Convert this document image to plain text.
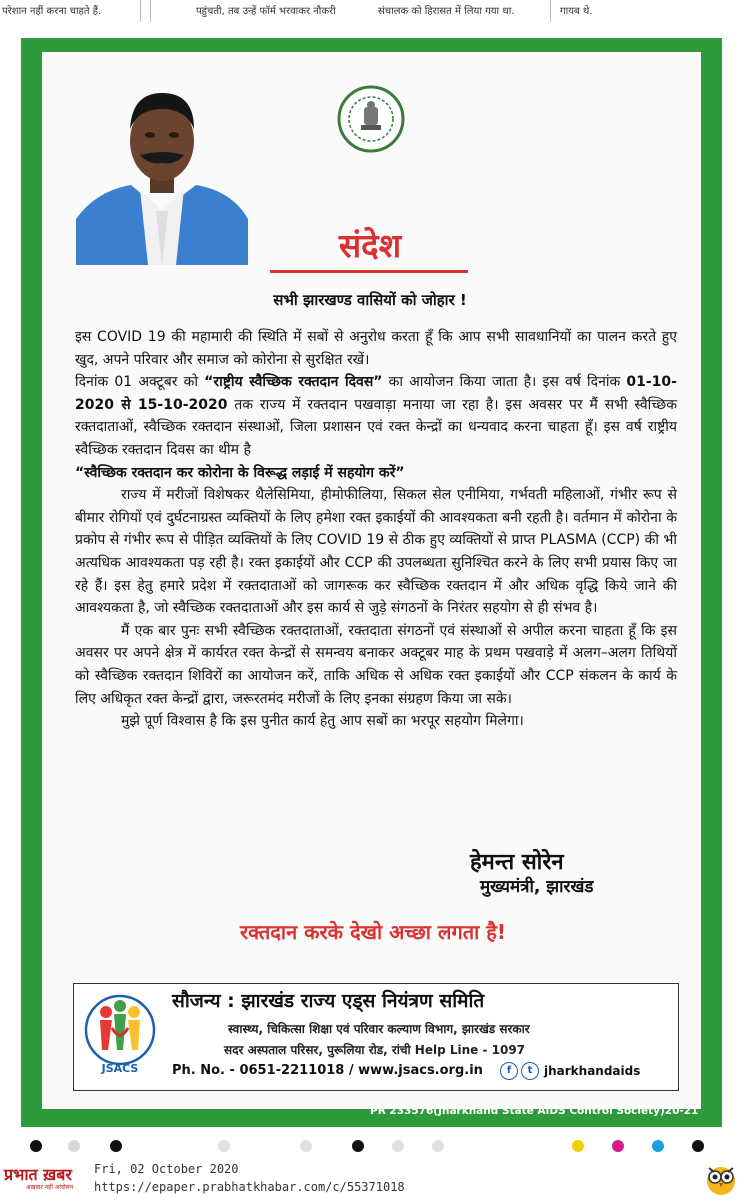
परेशान नहीं करना चाहते हैं.	पहुंचती, तब उन्हें फॉर्म भरवाकर नौकरी	संचालक को हिरासत में लिया गया था.	गायब थे.
संदेश
सभी झारखण्ड वासियों को जोहार !

इस COVID 19 की महामारी की स्थिति में सबों से अनुरोध करता हूँ कि आप सभी सावधानियों का पालन करते हुए खुद, अपने परिवार और समाज को कोरोना से सुरक्षित रखें।

दिनांक 01 अक्टूबर को “राष्ट्रीय स्वैच्छिक रक्तदान दिवस” का आयोजन किया जाता है। इस वर्ष दिनांक 01-10-2020 से 15-10-2020 तक राज्य में रक्तदान पखवाड़ा मनाया जा रहा है। इस अवसर पर मैं सभी स्वैच्छिक रक्तदाताओं, स्वैच्छिक रक्तदान संस्थाओं, जिला प्रशासन एवं रक्त केन्द्रों का धन्यवाद करना चाहता हूँ। इस वर्ष राष्ट्रीय स्वैच्छिक रक्तदान दिवस का थीम है

“स्वैच्छिक रक्तदान कर कोरोना के विरूद्ध लड़ाई में सहयोग करें”

राज्य में मरीजों विशेषकर थैलेसिमिया, हीमोफीलिया, सिकल सेल एनीमिया, गर्भवती महिलाओं, गंभीर रूप से बीमार रोगियों एवं दुर्घटनाग्रस्त व्यक्तियों के लिए हमेशा रक्त इकाईयों की आवश्यकता बनी रहती है। वर्तमान में कोरोना के प्रकोप से गंभीर रूप से पीड़ित व्यक्तियों के लिए COVID 19 से ठीक हुए व्यक्तियों से प्राप्त PLASMA (CCP) की भी अत्यधिक आवश्यकता पड़ रही है। रक्त इकाईयों और CCP की उपलब्धता सुनिश्चित करने के लिए सभी प्रयास किए जा रहे हैं। इस हेतु हमारे प्रदेश में रक्तदाताओं को जागरूक कर स्वैच्छिक रक्तदान में और अधिक वृद्धि किये जाने की आवश्यकता है, जो स्वैच्छिक रक्तदाताओं और इस कार्य से जुड़े संगठनों के निरंतर सहयोग से ही संभव है।

मैं एक बार पुनः सभी स्वैच्छिक रक्तदाताओं, रक्तदाता संगठनों एवं संस्थाओं से अपील करना चाहता हूँ कि इस अवसर पर अपने क्षेत्र में कार्यरत रक्त केन्द्रों से समन्वय बनाकर अक्टूबर माह के प्रथम पखवाड़े में अलग–अलग तिथियों को स्वैच्छिक रक्तदान शिविरों का आयोजन करें, ताकि अधिक से अधिक रक्त इकाईयों और CCP संकलन के कार्य के लिए अधिकृत रक्त केन्द्रों द्वारा, जरूरतमंद मरीजों के लिए इनका संग्रहण किया जा सके।

मुझे पूर्ण विश्वास है कि इस पुनीत कार्य हेतु आप सबों का भरपूर सहयोग मिलेगा।

हेमन्त सोरेन
मुख्यमंत्री, झारखंड
रक्तदान करके देखो अच्छा लगता है!
JSACS
सौजन्य : झारखंड राज्य एड्स नियंत्रण समिति
स्वास्थ्य, चिकित्सा शिक्षा एवं परिवार कल्याण विभाग, झारखंड सरकार
सदर अस्पताल परिसर, पुरूलिया रोड, रांची Help Line - 1097
Ph. No. - 0651-2211018 / www.jsacs.org.in	f	t jharkhandaids
PR 233576(Jharkhand State AIDS Control Society)20-21
प्रभात ख़बर
अखबार नहीं आंदोलन
Fri, 02 October 2020
https://epaper.prabhatkhabar.com/c/55371018
